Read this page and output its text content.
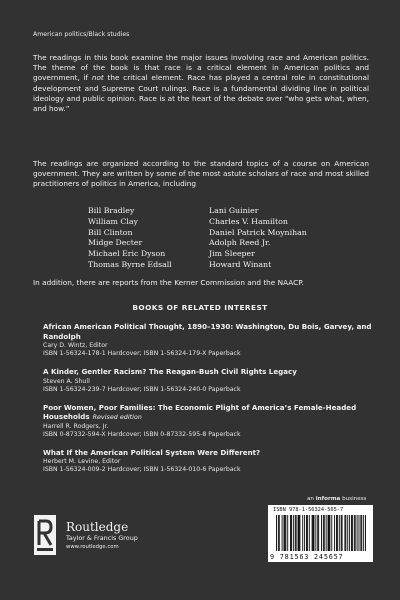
American politics/Black studies

The readings in this book examine the major issues involving race and American politics. The theme of the book is that race is a critical element in American politics and government, if not the critical element. Race has played a central role in constitutional development and Supreme Court rulings. Race is a fundamental dividing line in political ideology and public opinion. Race is at the heart of the debate over “who gets what, when, and how.”

The readings are organized according to the standard topics of a course on American government. They are written by some of the most astute scholars of race and most skilled practitioners of politics in America, including

Bill Bradley	Lani Guinier
William Clay	Charles V. Hamilton
Bill Clinton	Daniel Patrick Moynihan
Midge Decter	Adolph Reed Jr.
Michael Eric Dyson	Jim Sleeper
Thomas Byrne Edsall	Howard Winant

In addition, there are reports from the Kerner Commission and the NAACP.

BOOKS OF RELATED INTEREST
African American Political Thought, 1890–1930: Washington, Du Bois, Garvey, and Randolph
Cary D. Wintz, Editor
ISBN 1-56324-178-1 Hardcover; ISBN 1-56324-179-X Paperback
A Kinder, Gentler Racism? The Reagan-Bush Civil Rights Legacy
Steven A. Shull
ISBN 1-56324-239-7 Hardcover; ISBN 1-56324-240-0 Paperback
Poor Women, Poor Families: The Economic Plight of America’s Female-Headed Households Revised edition
Harrell R. Rodgers, Jr.
ISBN 0-87332-594-X Hardcover; ISBN 0-87332-595-8 Paperback
What If the American Political System Were Different?
Herbert M. Levine, Editor
ISBN 1-56324-009-2 Hardcover; ISBN 1-56324-010-6 Paperback
an informa business
ISBN 978-1-56324-565-7
9 781563 245657
Routledge
Taylor & Francis Group
www.routledge.com
